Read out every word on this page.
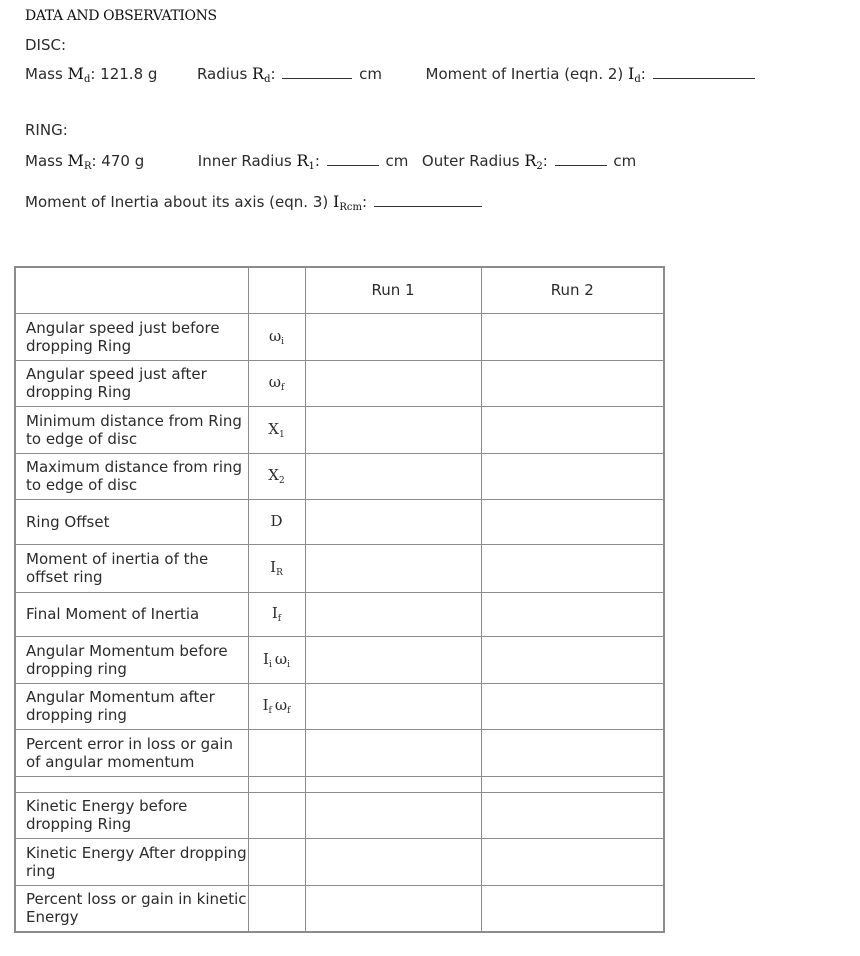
DATA AND OBSERVATIONS
DISC:
Mass $M_d$: 121.8 g	Radius $R_d$:	cm	Moment of Inertia (eqn. 2) $I_d$:
RING:
Mass $M_R$: 470 g	Inner Radius $R_1$:	cm Outer Radius $R_2$:	cm
Moment of Inertia about its axis (eqn. 3) $I_{Rcm}$:
		Run 1	Run 2
Angular speed just before dropping Ring	$\omega_i$		
Angular speed just after dropping Ring	$\omega_f$		
Minimum distance from Ring to edge of disc	$X_1$		
Maximum distance from ring to edge of disc	$X_2$		
Ring Offset	D		
Moment of inertia of the offset ring	$I_R$		
Final Moment of Inertia	$I_f$		
Angular Momentum before dropping ring	$I_i$  $\omega_i$		
Angular Momentum after dropping ring	$I_f$  $\omega_f$		
Percent error in loss or gain of angular momentum			

Kinetic Energy before dropping Ring			
Kinetic Energy After dropping ring			
Percent loss or gain in kinetic Energy			
